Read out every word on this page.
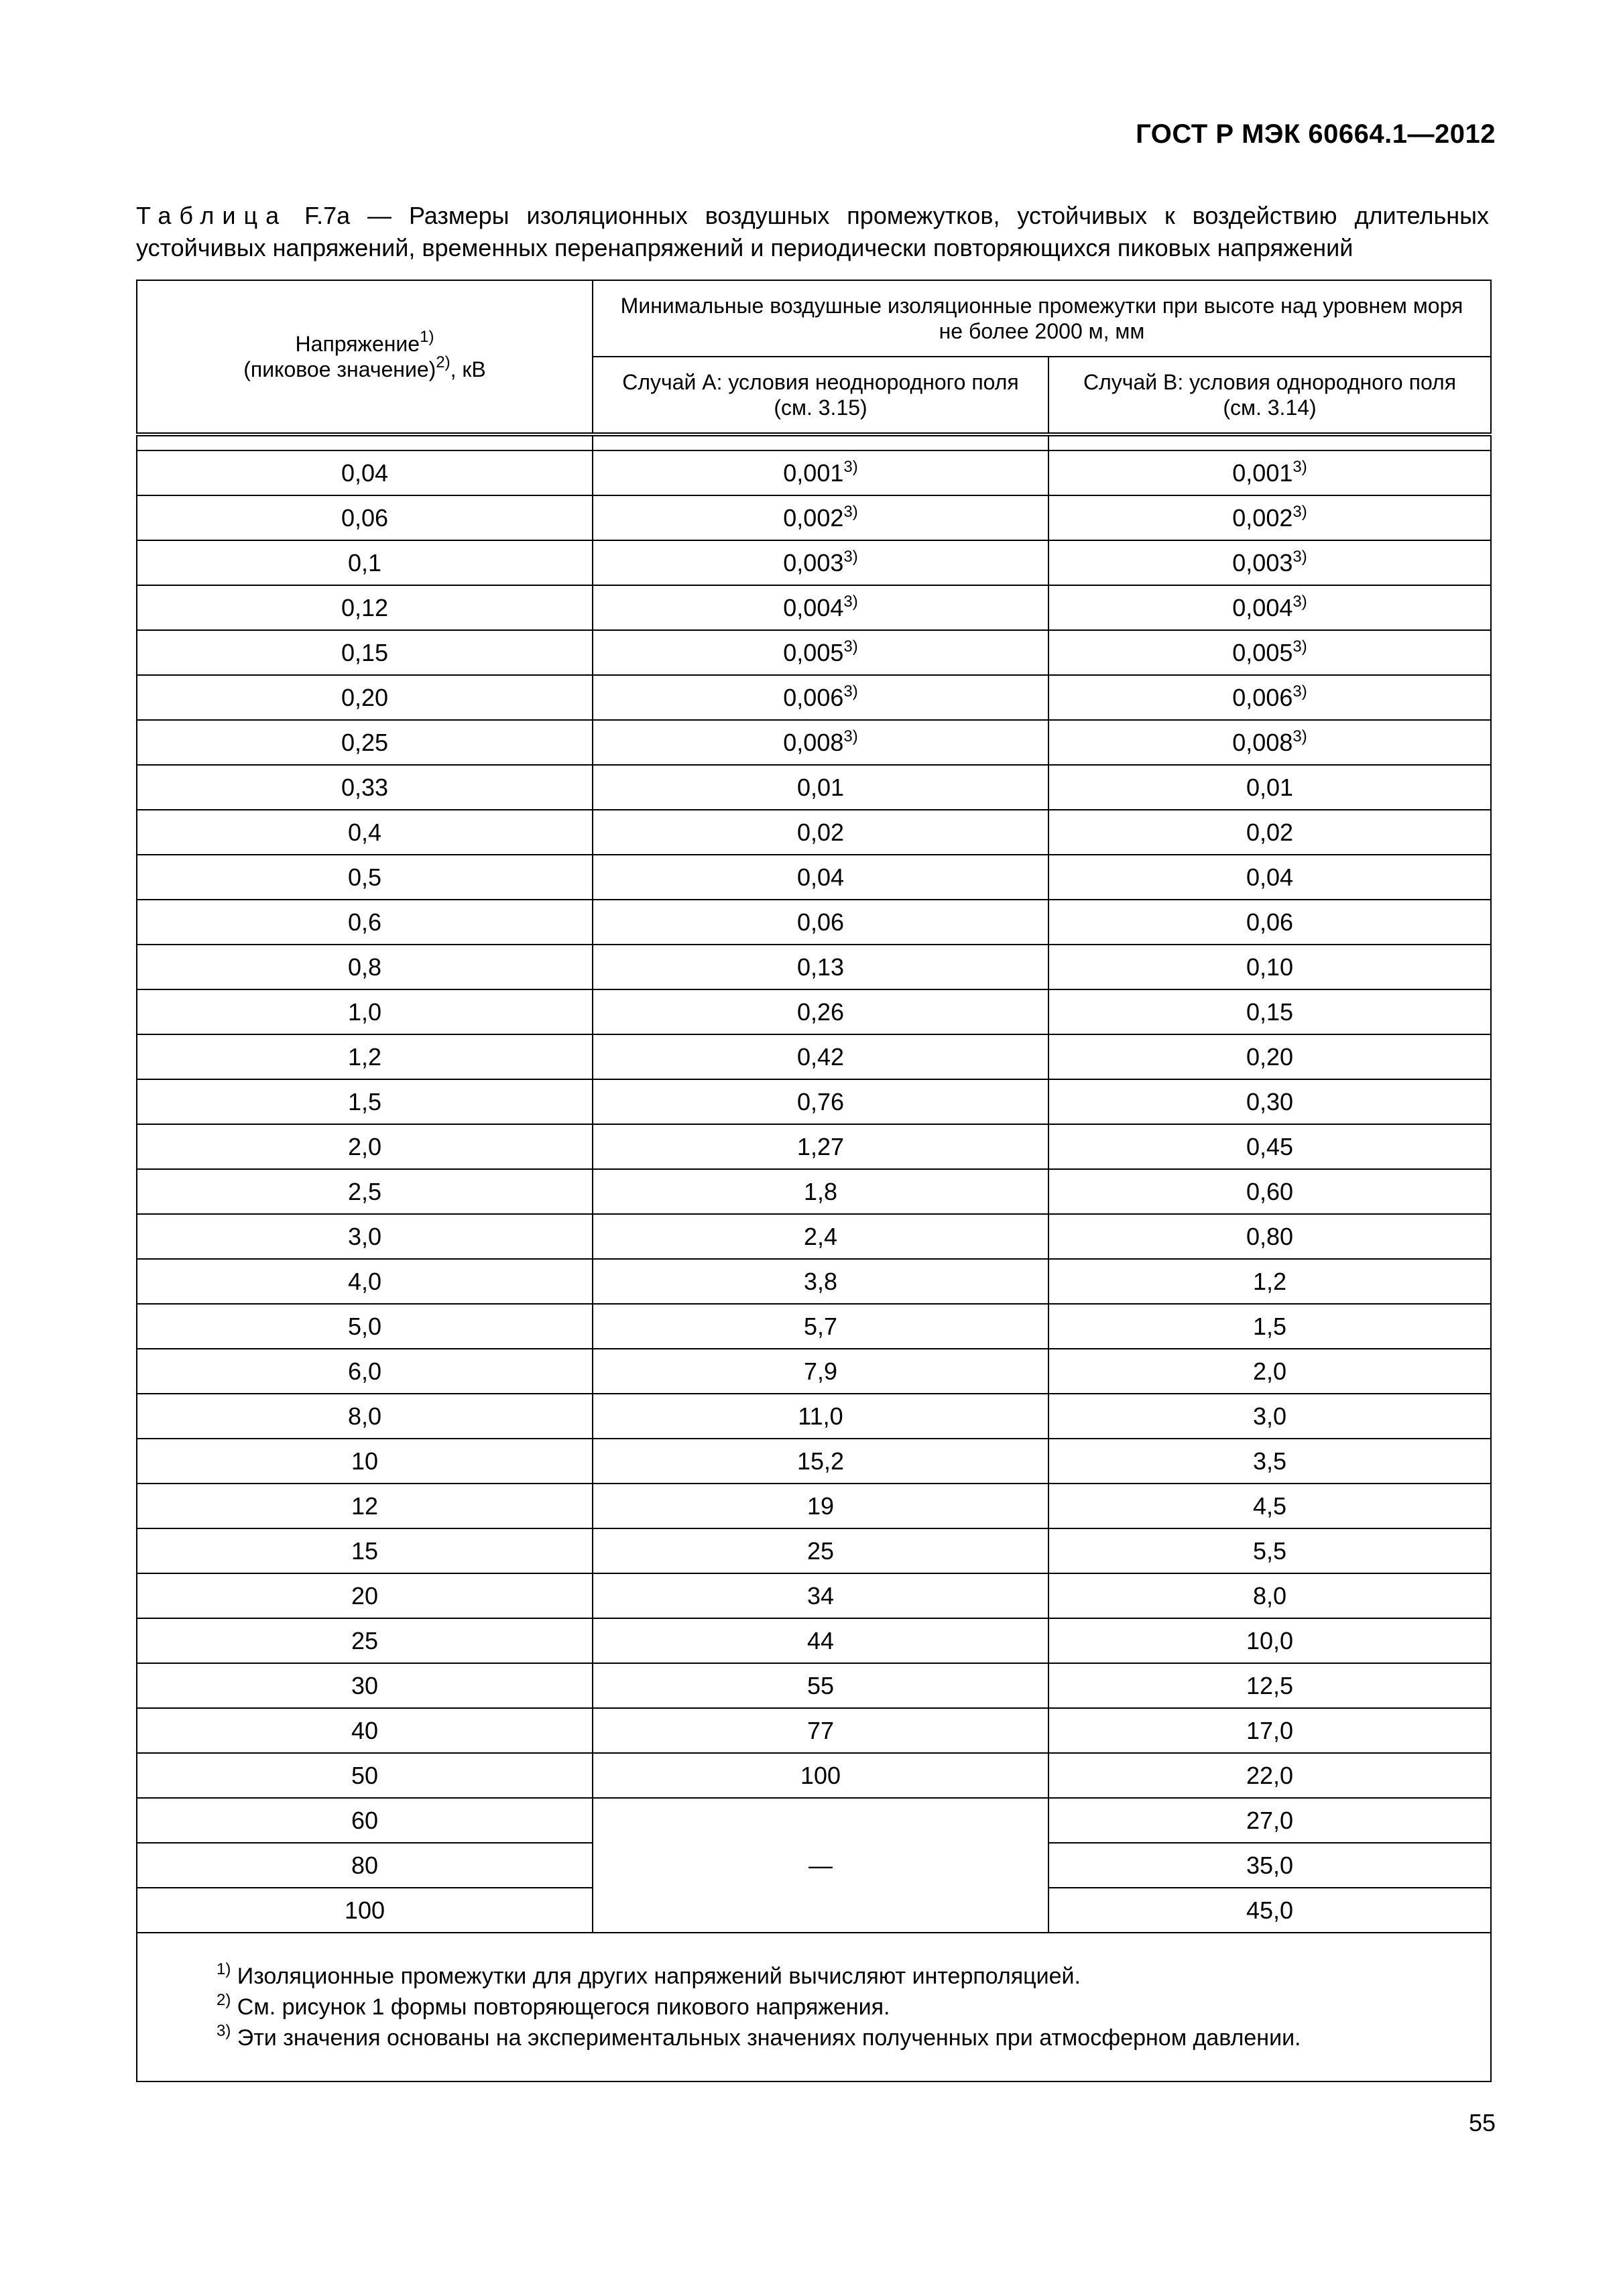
ГОСТ Р МЭК 60664.1—2012
Таблица F.7a — Размеры изоляционных воздушных промежутков, устойчивых к воздействию длительных устойчивых напряжений, временных перенапряжений и периодически повторяющихся пиковых напряжений
Напряжение$^{1)}$
(пиковое значение)$^{2)}$, кВ	Минимальные воздушные изоляционные промежутки при высоте над уровнем моря не более 2000 м, мм	
	Случай А: условия неоднородного поля (см. 3.15)	Случай В: условия однородного поля (см. 3.14)

0,04	0,001$^{3)}$	0,001$^{3)}$
0,06	0,002$^{3)}$	0,002$^{3)}$
0,1	0,003$^{3)}$	0,003$^{3)}$
0,12	0,004$^{3)}$	0,004$^{3)}$
0,15	0,005$^{3)}$	0,005$^{3)}$
0,20	0,006$^{3)}$	0,006$^{3)}$
0,25	0,008$^{3)}$	0,008$^{3)}$
0,33	0,01	0,01
0,4	0,02	0,02
0,5	0,04	0,04
0,6	0,06	0,06
0,8	0,13	0,10
1,0	0,26	0,15
1,2	0,42	0,20
1,5	0,76	0,30
2,0	1,27	0,45
2,5	1,8	0,60
3,0	2,4	0,80
4,0	3,8	1,2
5,0	5,7	1,5
6,0	7,9	2,0
8,0	11,0	3,0
10	15,2	3,5
12	19	4,5
15	25	5,5
20	34	8,0
25	44	10,0
30	55	12,5
40	77	17,0
50	100	22,0
60	—	27,0
80		35,0
100		45,0

$^{1)}$ Изоляционные промежутки для других напряжений вычисляют интерполяцией.
$^{2)}$ См. рисунок 1 формы повторяющегося пикового напряжения.
$^{3)}$ Эти значения основаны на экспериментальных значениях полученных при атмосферном давлении.		
55
